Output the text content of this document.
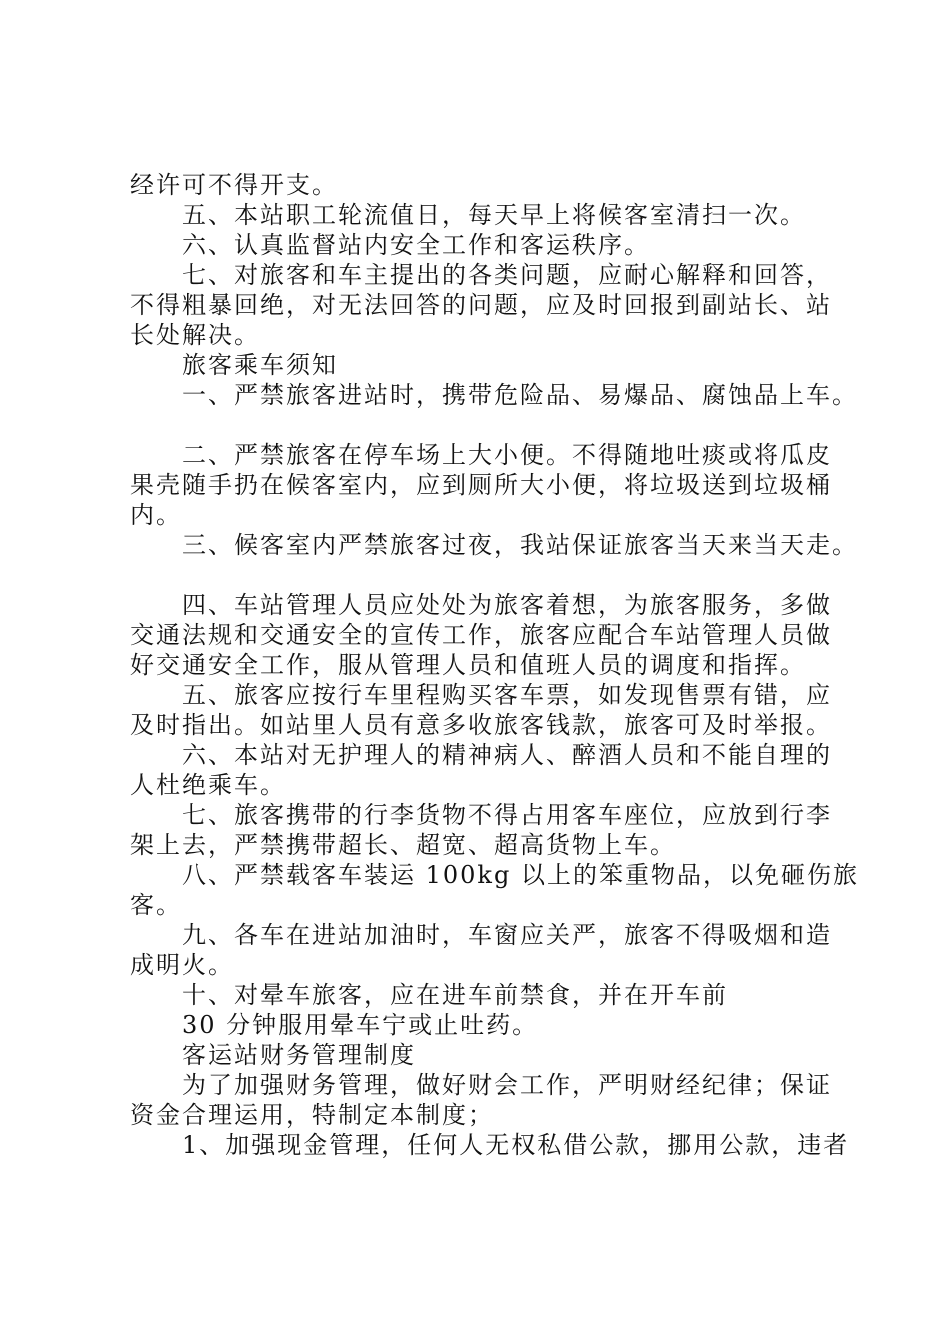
经许可不得开支。
五、本站职工轮流值日，每天早上将候客室清扫一次。
六、认真监督站内安全工作和客运秩序。
七、对旅客和车主提出的各类问题，应耐心解释和回答，
不得粗暴回绝，对无法回答的问题，应及时回报到副站长、站
长处解决。
旅客乘车须知
一、严禁旅客进站时，携带危险品、易爆品、腐蚀品上车。
二、严禁旅客在停车场上大小便。不得随地吐痰或将瓜皮
果壳随手扔在候客室内，应到厕所大小便，将垃圾送到垃圾桶
内。
三、候客室内严禁旅客过夜，我站保证旅客当天来当天走。
四、车站管理人员应处处为旅客着想，为旅客服务，多做
交通法规和交通安全的宣传工作，旅客应配合车站管理人员做
好交通安全工作，服从管理人员和值班人员的调度和指挥。
五、旅客应按行车里程购买客车票，如发现售票有错，应
及时指出。如站里人员有意多收旅客钱款，旅客可及时举报。
六、本站对无护理人的精神病人、醉酒人员和不能自理的
人杜绝乘车。
七、旅客携带的行李货物不得占用客车座位，应放到行李
架上去，严禁携带超长、超宽、超高货物上车。
八、严禁载客车装运 100kg 以上的笨重物品，以免砸伤旅
客。
九、各车在进站加油时，车窗应关严，旅客不得吸烟和造
成明火。
十、对晕车旅客，应在进车前禁食，并在开车前
30 分钟服用晕车宁或止吐药。
客运站财务管理制度
为了加强财务管理，做好财会工作，严明财经纪律；保证
资金合理运用，特制定本制度；
1、加强现金管理，任何人无权私借公款，挪用公款，违者
